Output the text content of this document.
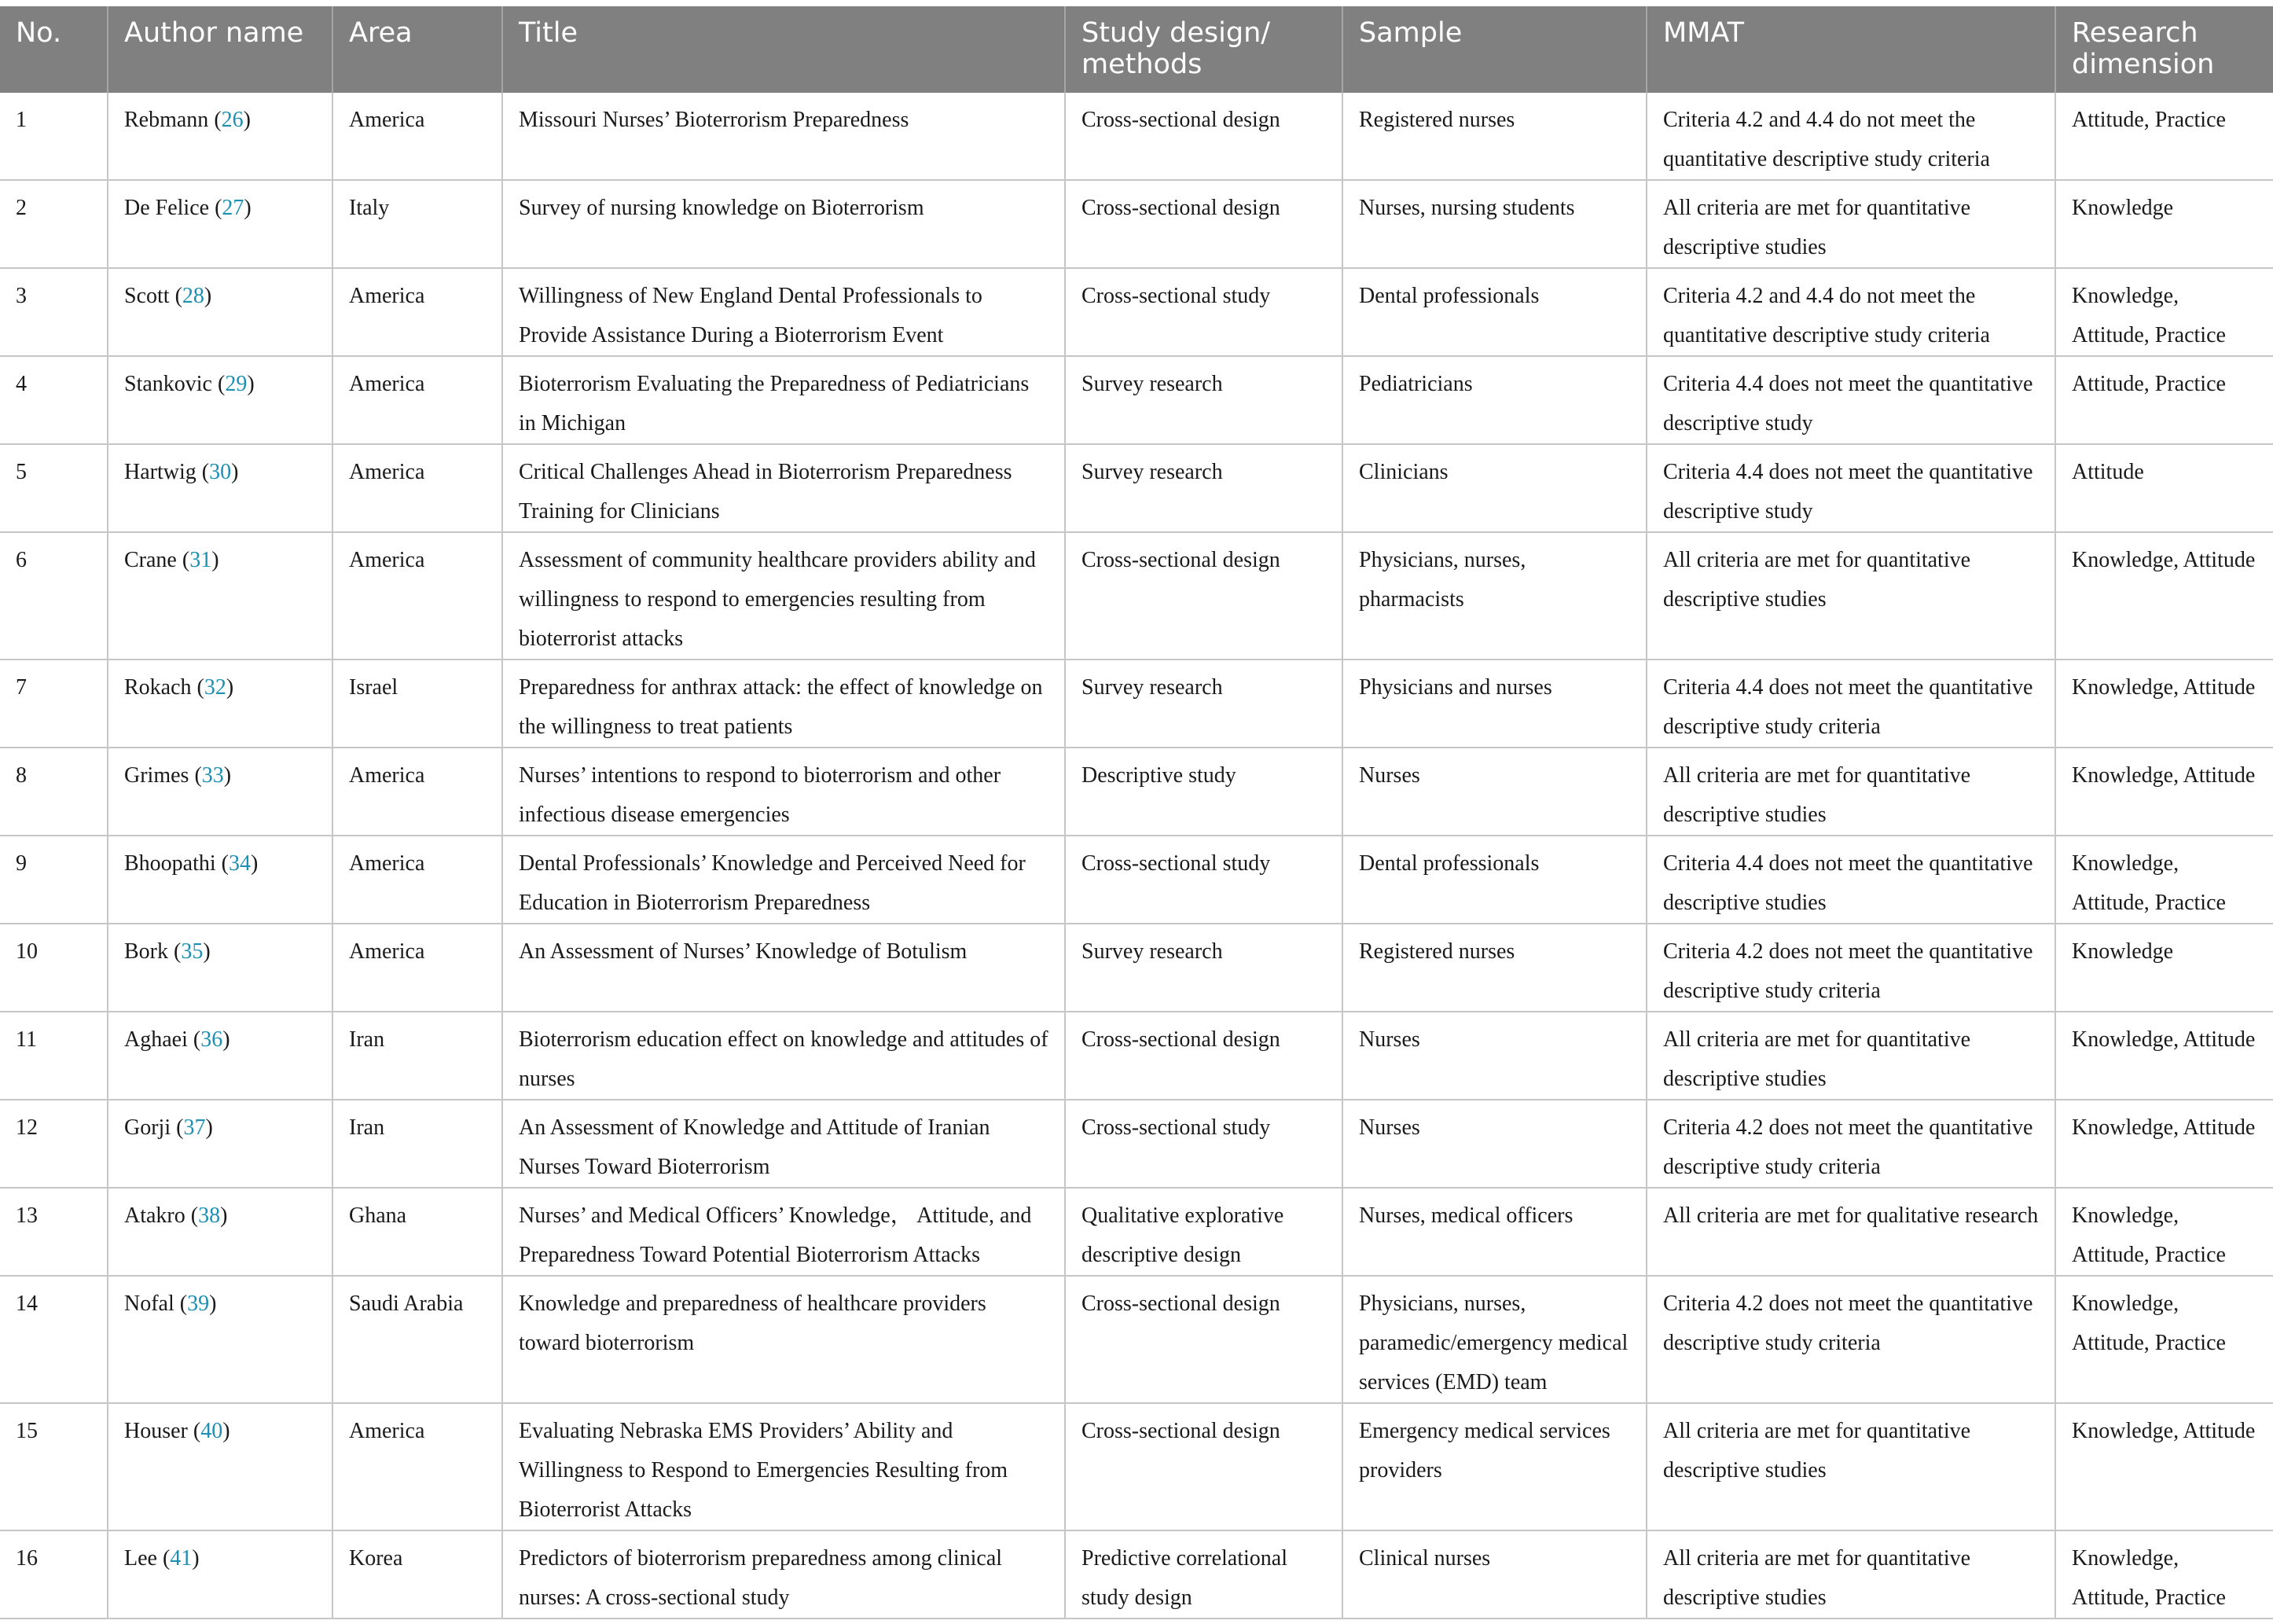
No.	Author name	Area	Title	Study design/ methods	Sample	MMAT	Research dimension
1	Rebmann (26)	America	Missouri Nurses’ Bioterrorism Preparedness	Cross-sectional design	Registered nurses	Criteria 4.2 and 4.4 do not meet the quantitative descriptive study criteria	Attitude, Practice
2	De Felice (27)	Italy	Survey of nursing knowledge on Bioterrorism	Cross-sectional design	Nurses, nursing students	All criteria are met for quantitative descriptive studies	Knowledge
3	Scott (28)	America	Willingness of New England Dental Professionals to Provide Assistance During a Bioterrorism Event	Cross-sectional study	Dental professionals	Criteria 4.2 and 4.4 do not meet the quantitative descriptive study criteria	Knowledge, Attitude, Practice
4	Stankovic (29)	America	Bioterrorism Evaluating the Preparedness of Pediatricians in Michigan	Survey research	Pediatricians	Criteria 4.4 does not meet the quantitative descriptive study	Attitude, Practice
5	Hartwig (30)	America	Critical Challenges Ahead in Bioterrorism Preparedness Training for Clinicians	Survey research	Clinicians	Criteria 4.4 does not meet the quantitative descriptive study	Attitude
6	Crane (31)	America	Assessment of community healthcare providers ability and willingness to respond to emergencies resulting from bioterrorist attacks	Cross-sectional design	Physicians, nurses, pharmacists	All criteria are met for quantitative descriptive studies	Knowledge, Attitude
7	Rokach (32)	Israel	Preparedness for anthrax attack: the effect of knowledge on the willingness to treat patients	Survey research	Physicians and nurses	Criteria 4.4 does not meet the quantitative descriptive study criteria	Knowledge, Attitude
8	Grimes (33)	America	Nurses’ intentions to respond to bioterrorism and other infectious disease emergencies	Descriptive study	Nurses	All criteria are met for quantitative descriptive studies	Knowledge, Attitude
9	Bhoopathi (34)	America	Dental Professionals’ Knowledge and Perceived Need for Education in Bioterrorism Preparedness	Cross-sectional study	Dental professionals	Criteria 4.4 does not meet the quantitative descriptive studies	Knowledge, Attitude, Practice
10	Bork (35)	America	An Assessment of Nurses’ Knowledge of Botulism	Survey research	Registered nurses	Criteria 4.2 does not meet the quantitative descriptive study criteria	Knowledge
11	Aghaei (36)	Iran	Bioterrorism education effect on knowledge and attitudes of nurses	Cross-sectional design	Nurses	All criteria are met for quantitative descriptive studies	Knowledge, Attitude
12	Gorji (37)	Iran	An Assessment of Knowledge and Attitude of Iranian Nurses Toward Bioterrorism	Cross-sectional study	Nurses	Criteria 4.2 does not meet the quantitative descriptive study criteria	Knowledge, Attitude
13	Atakro (38)	Ghana	Nurses’ and Medical Officers’ Knowledge， Attitude, and Preparedness Toward Potential Bioterrorism Attacks	Qualitative explorative descriptive design	Nurses, medical officers	All criteria are met for qualitative research	Knowledge, Attitude, Practice
14	Nofal (39)	Saudi Arabia	Knowledge and preparedness of healthcare providers toward bioterrorism	Cross-sectional design	Physicians, nurses, paramedic/emergency medical services (EMD) team	Criteria 4.2 does not meet the quantitative descriptive study criteria	Knowledge, Attitude, Practice
15	Houser (40)	America	Evaluating Nebraska EMS Providers’ Ability and Willingness to Respond to Emergencies Resulting from Bioterrorist Attacks	Cross-sectional design	Emergency medical services providers	All criteria are met for quantitative descriptive studies	Knowledge, Attitude
16	Lee (41)	Korea	Predictors of bioterrorism preparedness among clinical nurses: A cross-sectional study	Predictive correlational study design	Clinical nurses	All criteria are met for quantitative descriptive studies	Knowledge, Attitude, Practice
